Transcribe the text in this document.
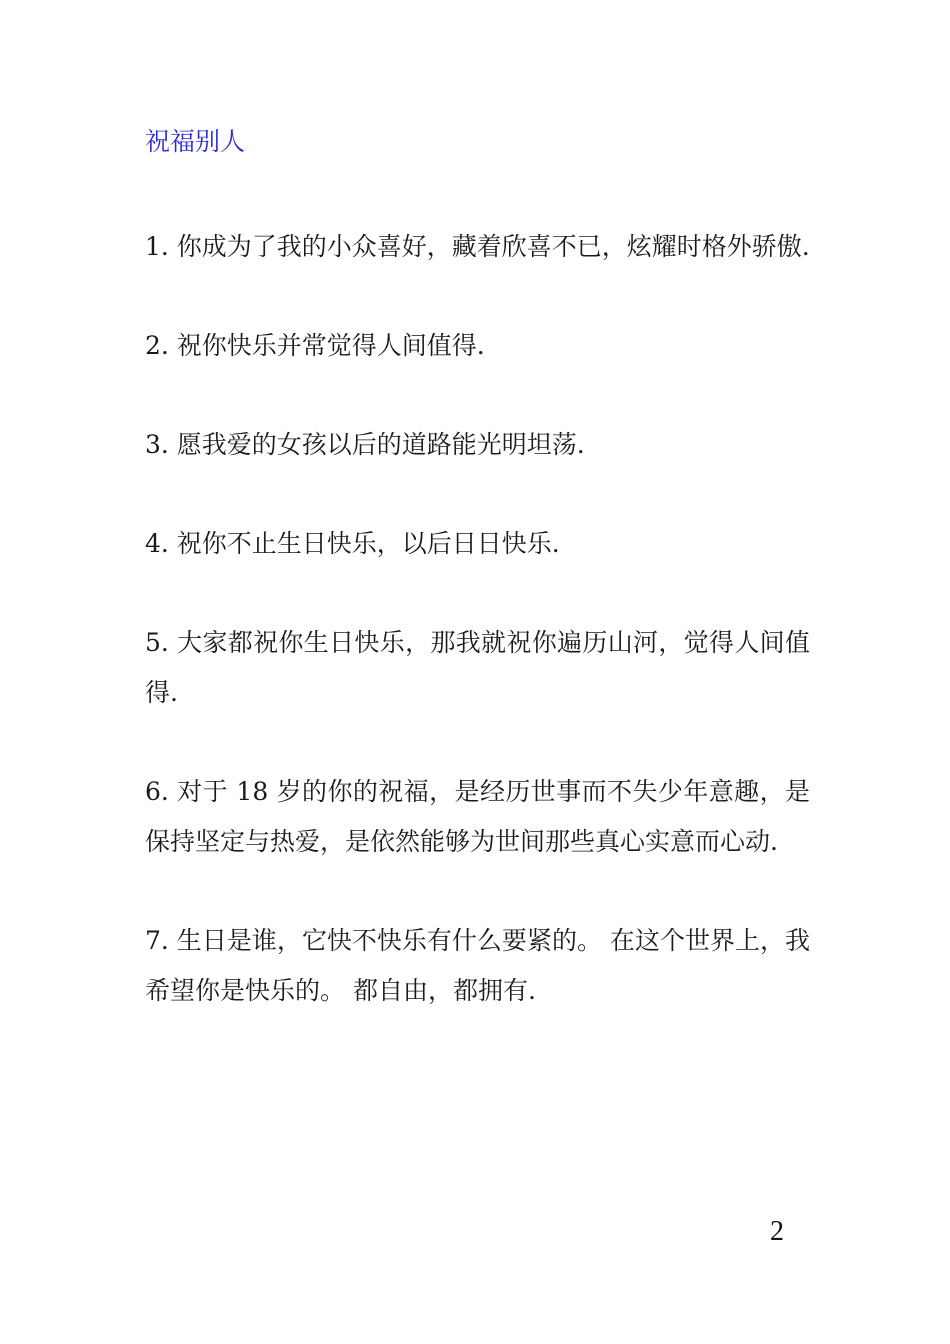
祝福别人
1. 你成为了我的小众喜好，藏着欣喜不已，炫耀时格外骄傲.
2. 祝你快乐并常觉得人间值得.
3. 愿我爱的女孩以后的道路能光明坦荡.
4. 祝你不止生日快乐，以后日日快乐.
5. 大家都祝你生日快乐，那我就祝你遍历山河，觉得人间值得.
6. 对于 18 岁的你的祝福，是经历世事而不失少年意趣，是保持坚定与热爱，是依然能够为世间那些真心实意而心动.
7. 生日是谁，它快不快乐有什么要紧的。 在这个世界上，我希望你是快乐的。 都自由，都拥有.
2
